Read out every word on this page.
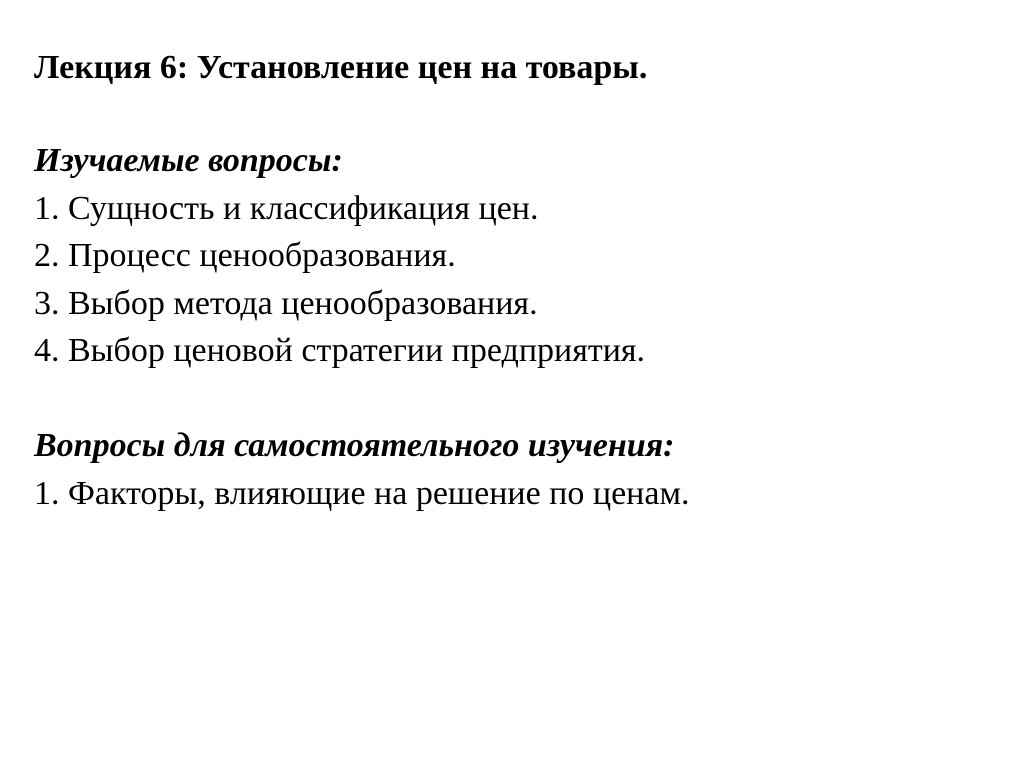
Лекция 6: Установление цен на товары.
Изучаемые вопросы:
1. Сущность и классификация цен.
2. Процесс ценообразования.
3. Выбор метода ценообразования.
4. Выбор ценовой стратегии предприятия.
Вопросы для самостоятельного изучения:
1. Факторы, влияющие на решение по ценам.
